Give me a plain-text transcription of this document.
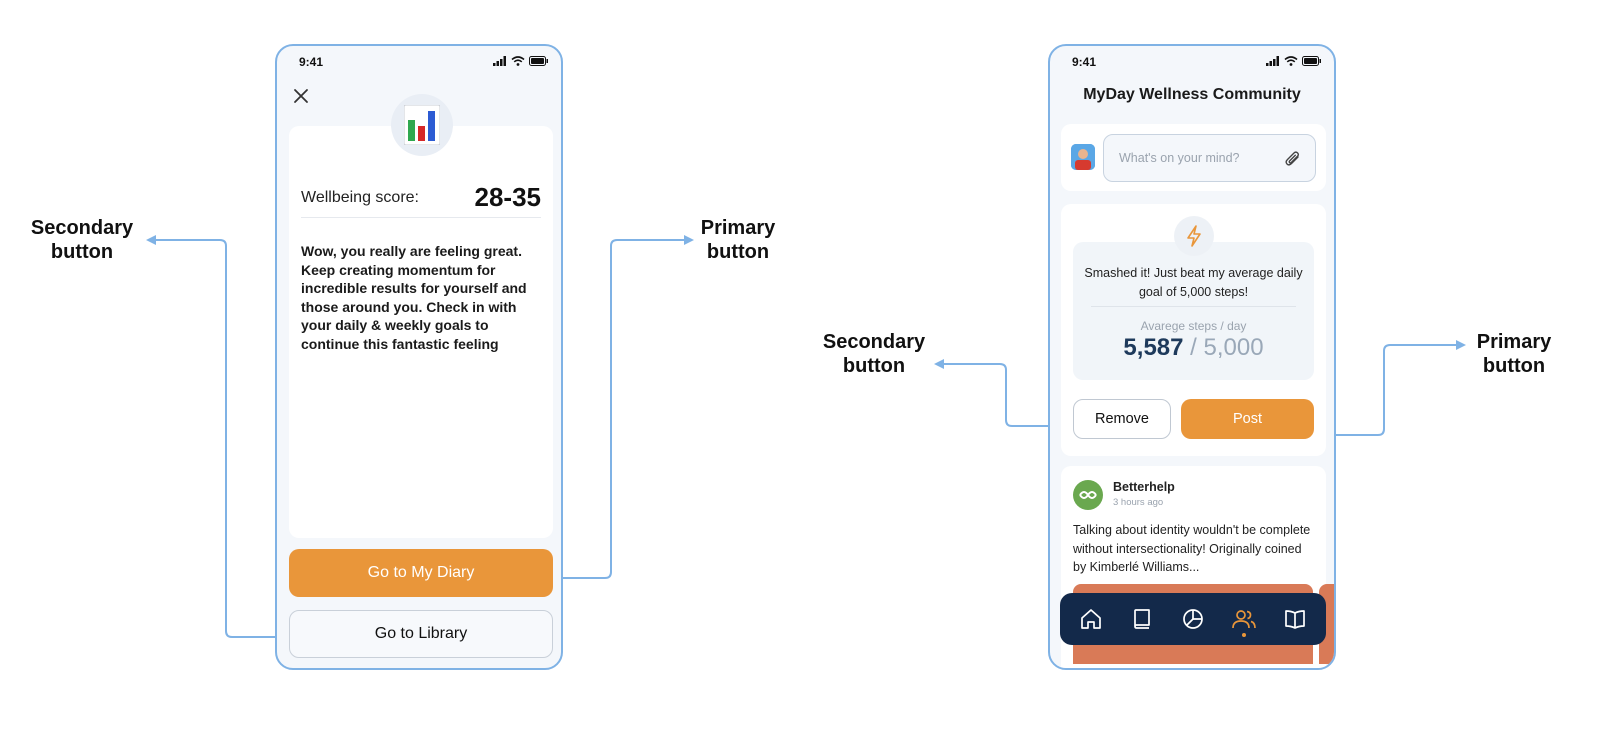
Secondary
button
Primary
button
Secondary
button
Primary
button
9:41
Wellbeing score: 28-35

Wow, you really are feeling great. Keep creating momentum for incredible results for yourself and those around you. Check in with your daily & weekly goals to continue this fantastic feeling

Go to My Diary
Go to Library
9:41
MyDay Wellness Community
What's on your mind?

Smashed it! Just beat my average daily goal of 5,000 steps!

Avarege steps / day
5,587 / 5,000
Remove	Post
Betterhelp
3 hours ago

Talking about identity wouldn't be complete without intersectionality! Originally coined by Kimberlé Williams...
